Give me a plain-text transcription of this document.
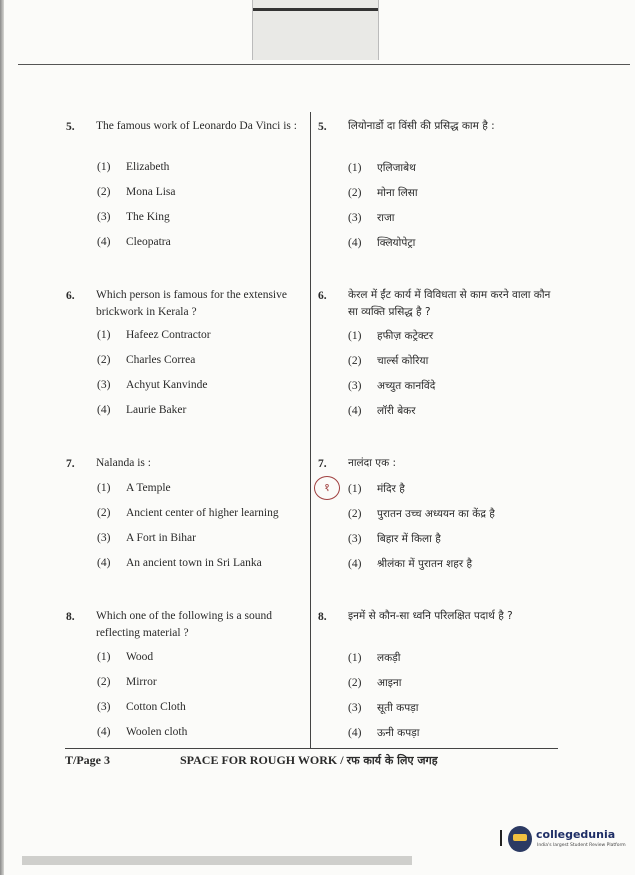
5. The famous work of Leonardo Da Vinci is :	5. लियोनार्डो दा विंसी की प्रसिद्ध काम है :
(1) Elizabeth
(2) Mona Lisa
(3) The King
(4) Cleopatra
(1) एलिजाबेथ
(2) मोना लिसा
(3) राजा
(4) क्लियोपेट्रा
6. Which person is famous for the extensive brickwork in Kerala ?
6. केरल में ईंट कार्य में विविधता से काम करने वाला कौन सा व्यक्ति प्रसिद्ध है ?
(1) Hafeez Contractor
(2) Charles Correa
(3) Achyut Kanvinde
(4) Laurie Baker
(1) हफीज़ कट्रेक्टर
(2) चार्ल्स कोरिया
(3) अच्युत कानविंदे
(4) लॉरी बेकर
7. Nalanda is :	7. नालंदा एक :
१
(1) A Temple
(2) Ancient center of higher learning
(3) A Fort in Bihar
(4) An ancient town in Sri Lanka
(1) मंदिर है
(2) पुरातन उच्च अध्ययन का केंद्र है
(3) बिहार में किला है
(4) श्रीलंका में पुरातन शहर है
8. Which one of the following is a sound reflecting material ?
8. इनमें से कौन-सा ध्वनि परिलक्षित पदार्थ है ?
(1) Wood
(2) Mirror
(3) Cotton Cloth
(4) Woolen cloth
(1) लकड़ी
(2) आइना
(3) सूती कपड़ा
(4) ऊनी कपड़ा
T/Page 3	SPACE FOR ROUGH WORK / रफ कार्य के लिए जगह
collegedunia
India's largest Student Review Platform
